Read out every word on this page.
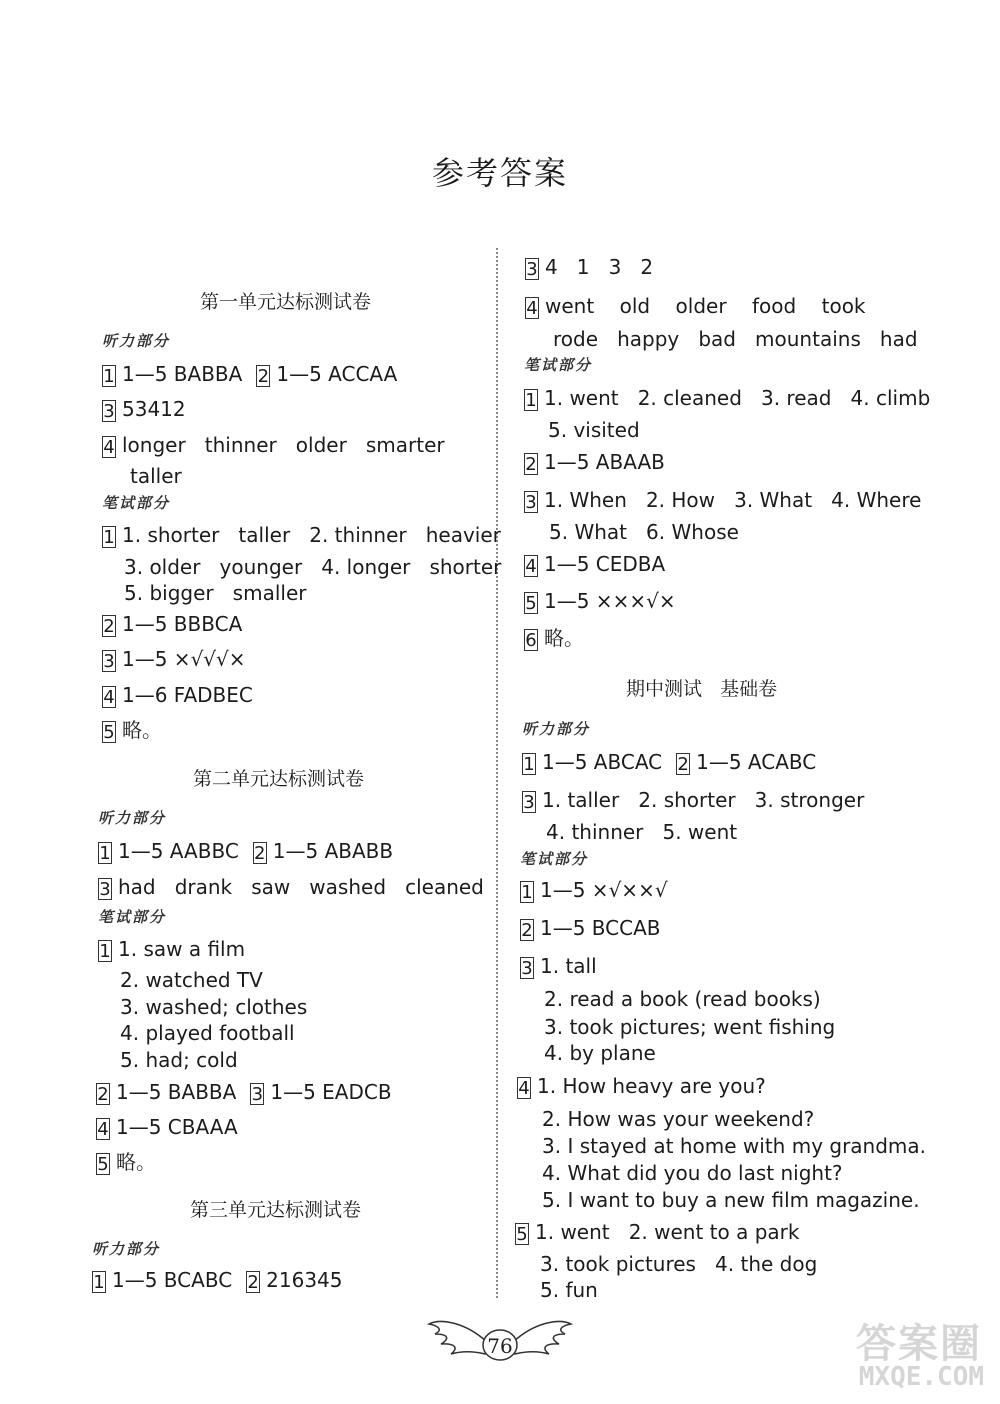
参考答案
第一单元达标测试卷
听力部分
1 1—5 BABBA 2 1—5 ACCAA
3 53412
4 longer   thinner   older   smarter
taller
笔试部分
1 1. shorter   taller   2. thinner   heavier
3. older   younger   4. longer   shorter
5. bigger   smaller
2 1—5 BBBCA
3 1—5 ×√√√×
4 1—6 FADBEC
5 略。
第二单元达标测试卷
听力部分
1 1—5 AABBC 2 1—5 ABABB
3 had   drank   saw   washed   cleaned
笔试部分
1 1. saw a film
2. watched TV
3. washed; clothes
4. played football
5. had; cold
2 1—5 BABBA 3 1—5 EADCB
4 1—5 CBAAA
5 略。
第三单元达标测试卷
听力部分
1 1—5 BCABC 2 216345
3 4   1   3   2
4 went    old    older    food    took
rode   happy   bad   mountains   had
笔试部分
1 1. went   2. cleaned   3. read   4. climb
5. visited
2 1—5 ABAAB
3 1. When   2. How   3. What   4. Where
5. What   6. Whose
4 1—5 CEDBA
5 1—5 ×××√×
6 略。
期中测试   基础卷
听力部分
1 1—5 ABCAC 2 1—5 ACABC
3 1. taller   2. shorter   3. stronger
4. thinner   5. went
笔试部分
1 1—5 ×√××√
2 1—5 BCCAB
3 1. tall
2. read a book (read books)
3. took pictures; went fishing
4. by plane
4 1. How heavy are you?
2. How was your weekend?
3. I stayed at home with my grandma.
4. What did you do last night?
5. I want to buy a new film magazine.
5 1. went   2. went to a park
3. took pictures   4. the dog
5. fun
76	答案圈
MXQE.COM
